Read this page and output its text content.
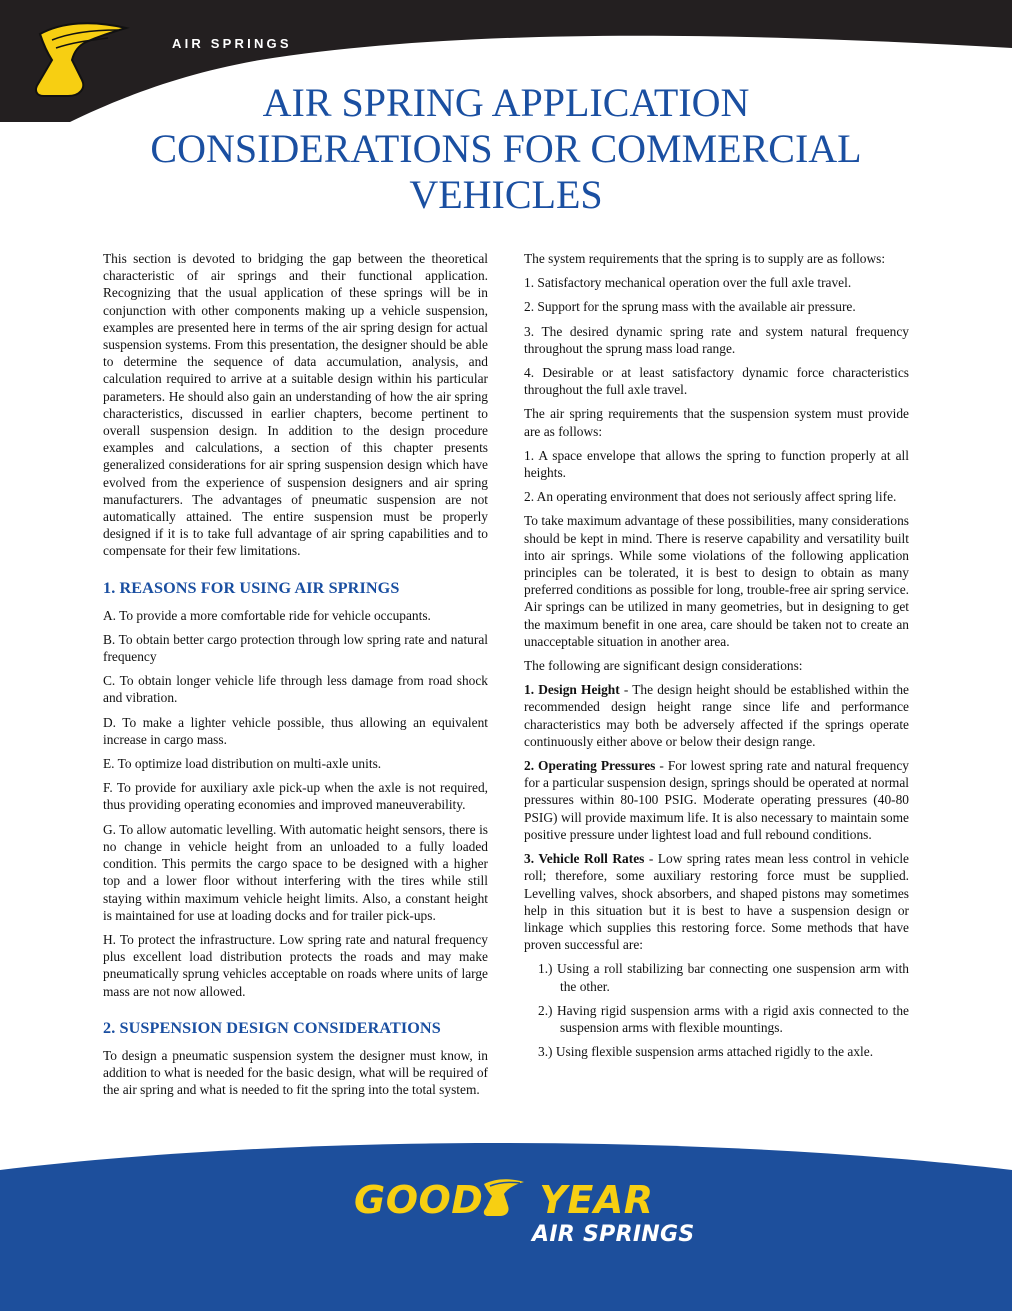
AIR SPRINGS
AIR SPRING APPLICATION
CONSIDERATIONS FOR COMMERCIAL
VEHICLES

This section is devoted to bridging the gap between the theoretical characteristic of air springs and their functional application. Recognizing that the usual application of these springs will be in conjunction with other components making up a vehicle suspension, examples are presented here in terms of the air spring design for actual suspension systems. From this presentation, the designer should be able to determine the sequence of data accumulation, analysis, and calculation required to arrive at a suitable design within his particular parameters. He should also gain an understanding of how the air spring characteristics, discussed in earlier chapters, become pertinent to overall suspension design. In addition to the design procedure examples and calculations, a section of this chapter presents generalized considerations for air spring suspension design which have evolved from the experience of suspension designers and air spring manufacturers. The advantages of pneumatic suspension are not automatically attained. The entire suspension must be properly designed if it is to take full advantage of air spring capabilities and to compensate for their few limitations.

1. REASONS FOR USING AIR SPRINGS

A. To provide a more comfortable ride for vehicle occupants.

B. To obtain better cargo protection through low spring rate and natural frequency

C. To obtain longer vehicle life through less damage from road shock and vibration.

D. To make a lighter vehicle possible, thus allowing an equivalent increase in cargo mass.

E. To optimize load distribution on multi-axle units.

F. To provide for auxiliary axle pick-up when the axle is not required, thus providing operating economies and improved maneuverability.

G. To allow automatic levelling. With automatic height sensors, there is no change in vehicle height from an unloaded to a fully loaded condition. This permits the cargo space to be designed with a higher top and a lower floor without interfering with the tires while still staying within maximum vehicle height limits. Also, a constant height is maintained for use at loading docks and for trailer pick-ups.

H. To protect the infrastructure. Low spring rate and natural frequency plus excellent load distribution protects the roads and may make pneumatically sprung vehicles acceptable on roads where units of large mass are not now allowed.

2. SUSPENSION DESIGN CONSIDERATIONS

To design a pneumatic suspension system the designer must know, in addition to what is needed for the basic design, what will be required of the air spring and what is needed to fit the spring into the total system.

The system requirements that the spring is to supply are as follows:

1. Satisfactory mechanical operation over the full axle travel.

2. Support for the sprung mass with the available air pressure.

3. The desired dynamic spring rate and system natural frequency throughout the sprung mass load range.

4. Desirable or at least satisfactory dynamic force characteristics throughout the full axle travel.

The air spring requirements that the suspension system must provide are as follows:

1. A space envelope that allows the spring to function properly at all heights.

2. An operating environment that does not seriously affect spring life.

To take maximum advantage of these possibilities, many considerations should be kept in mind. There is reserve capability and versatility built into air springs. While some violations of the following application principles can be tolerated, it is best to design to obtain as many preferred conditions as possible for long, trouble-free air spring service. Air springs can be utilized in many geometries, but in designing to get the maximum benefit in one area, care should be taken not to create an unacceptable situation in another area.

The following are significant design considerations:

1. Design Height - The design height should be established within the recommended design height range since life and performance characteristics may both be adversely affected if the springs operate continuously either above or below their design range.

2. Operating Pressures - For lowest spring rate and natural frequency for a particular suspension design, springs should be operated at normal pressures within 80-100 PSIG. Moderate operating pressures (40-80 PSIG) will provide maximum life. It is also necessary to maintain some positive pressure under lightest load and full rebound conditions.

3. Vehicle Roll Rates - Low spring rates mean less control in vehicle roll; therefore, some auxiliary restoring force must be supplied. Levelling valves, shock absorbers, and shaped pistons may sometimes help in this situation but it is best to have a suspension design or linkage which supplies this restoring force. Some methods that have proven successful are:

1.) Using a roll stabilizing bar connecting one suspension arm with the other.

2.) Having rigid suspension arms with a rigid axis connected to the suspension arms with flexible mountings.

3.) Using flexible suspension arms attached rigidly to the axle.

GOOD YEAR
AIR SPRINGS
